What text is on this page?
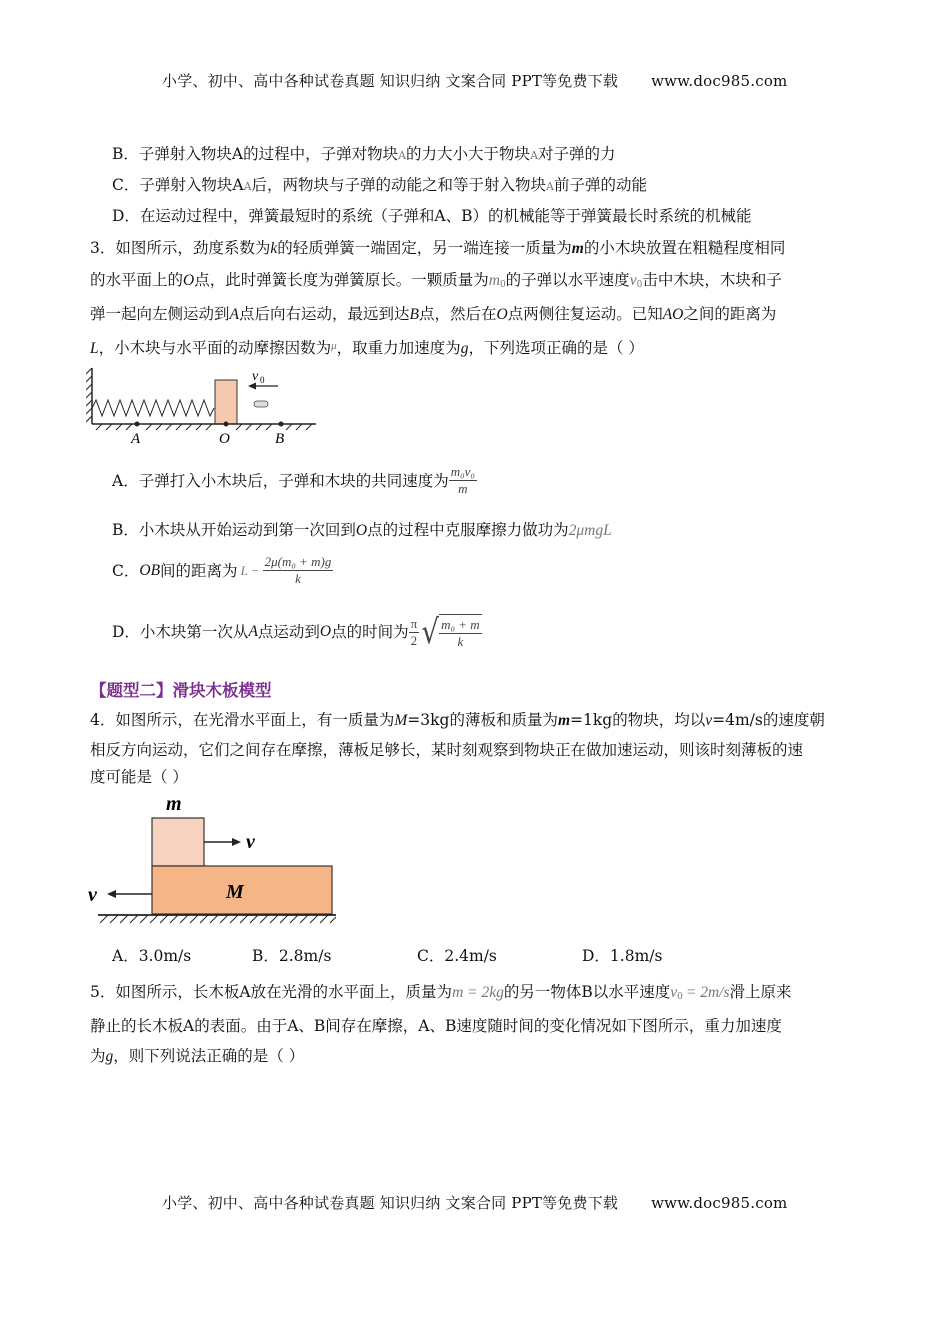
小学、初中、高中各种试卷真题 知识归纳 文案合同 PPT等免费下载 www.doc985.com
B．子弹射入物块A的过程中，子弹对物块A的力大小大于物块A对子弹的力
C．子弹射入物块AA后，两物块与子弹的动能之和等于射入物块A前子弹的动能
D．在运动过程中，弹簧最短时的系统（子弹和A、B）的机械能等于弹簧最长时系统的机械能
3．如图所示，劲度系数为k的轻质弹簧一端固定，另一端连接一质量为m的小木块放置在粗糙程度相同
的水平面上的O点，此时弹簧长度为弹簧原长。一颗质量为$m_0$的子弹以水平速度$v_0$击中木块，木块和子
弹一起向左侧运动到A点后向右运动，最远到达B点，然后在O点两侧往复运动。已知AO之间的距离为
L，小木块与水平面的动摩擦因数为$^\mu$，取重力加速度为g，下列选项正确的是（ ）
v 0
A	O	B
A．子弹打入小木块后，子弹和木块的共同速度为 $\frac{\text{m₀v₀}}{m}$
B．小木块从开始运动到第一次回到O点的过程中克服摩擦力做功为2μmgL
C． OB 间的距离为 $L - \frac{\text{2μ(m₀ + m)g}}{k}$
D．小木块第一次从 A 点运动到 O 点的时间为 $\frac{\pi}{2}$ √ $\frac{\text{m₀ + m}}{k}$
【题型二】滑块木板模型
4．如图所示，在光滑水平面上，有一质量为M=3kg的薄板和质量为m=1kg的物块，均以v=4m/s的速度朝
相反方向运动，它们之间存在摩擦，薄板足够长，某时刻观察到物块正在做加速运动，则该时刻薄板的速
度可能是（ ）
m
v
M
v
A．3.0m/s	B．2.8m/s	C．2.4m/s	D．1.8m/s
5．如图所示，长木板A放在光滑的水平面上，质量为m = 2kg的另一物体B以水平速度$v_0 = 2m/s$滑上原来
静止的长木板A的表面。由于A、B间存在摩擦，A、B速度随时间的变化情况如下图所示，重力加速度
为g，则下列说法正确的是（ ）
小学、初中、高中各种试卷真题 知识归纳 文案合同 PPT等免费下载 www.doc985.com
